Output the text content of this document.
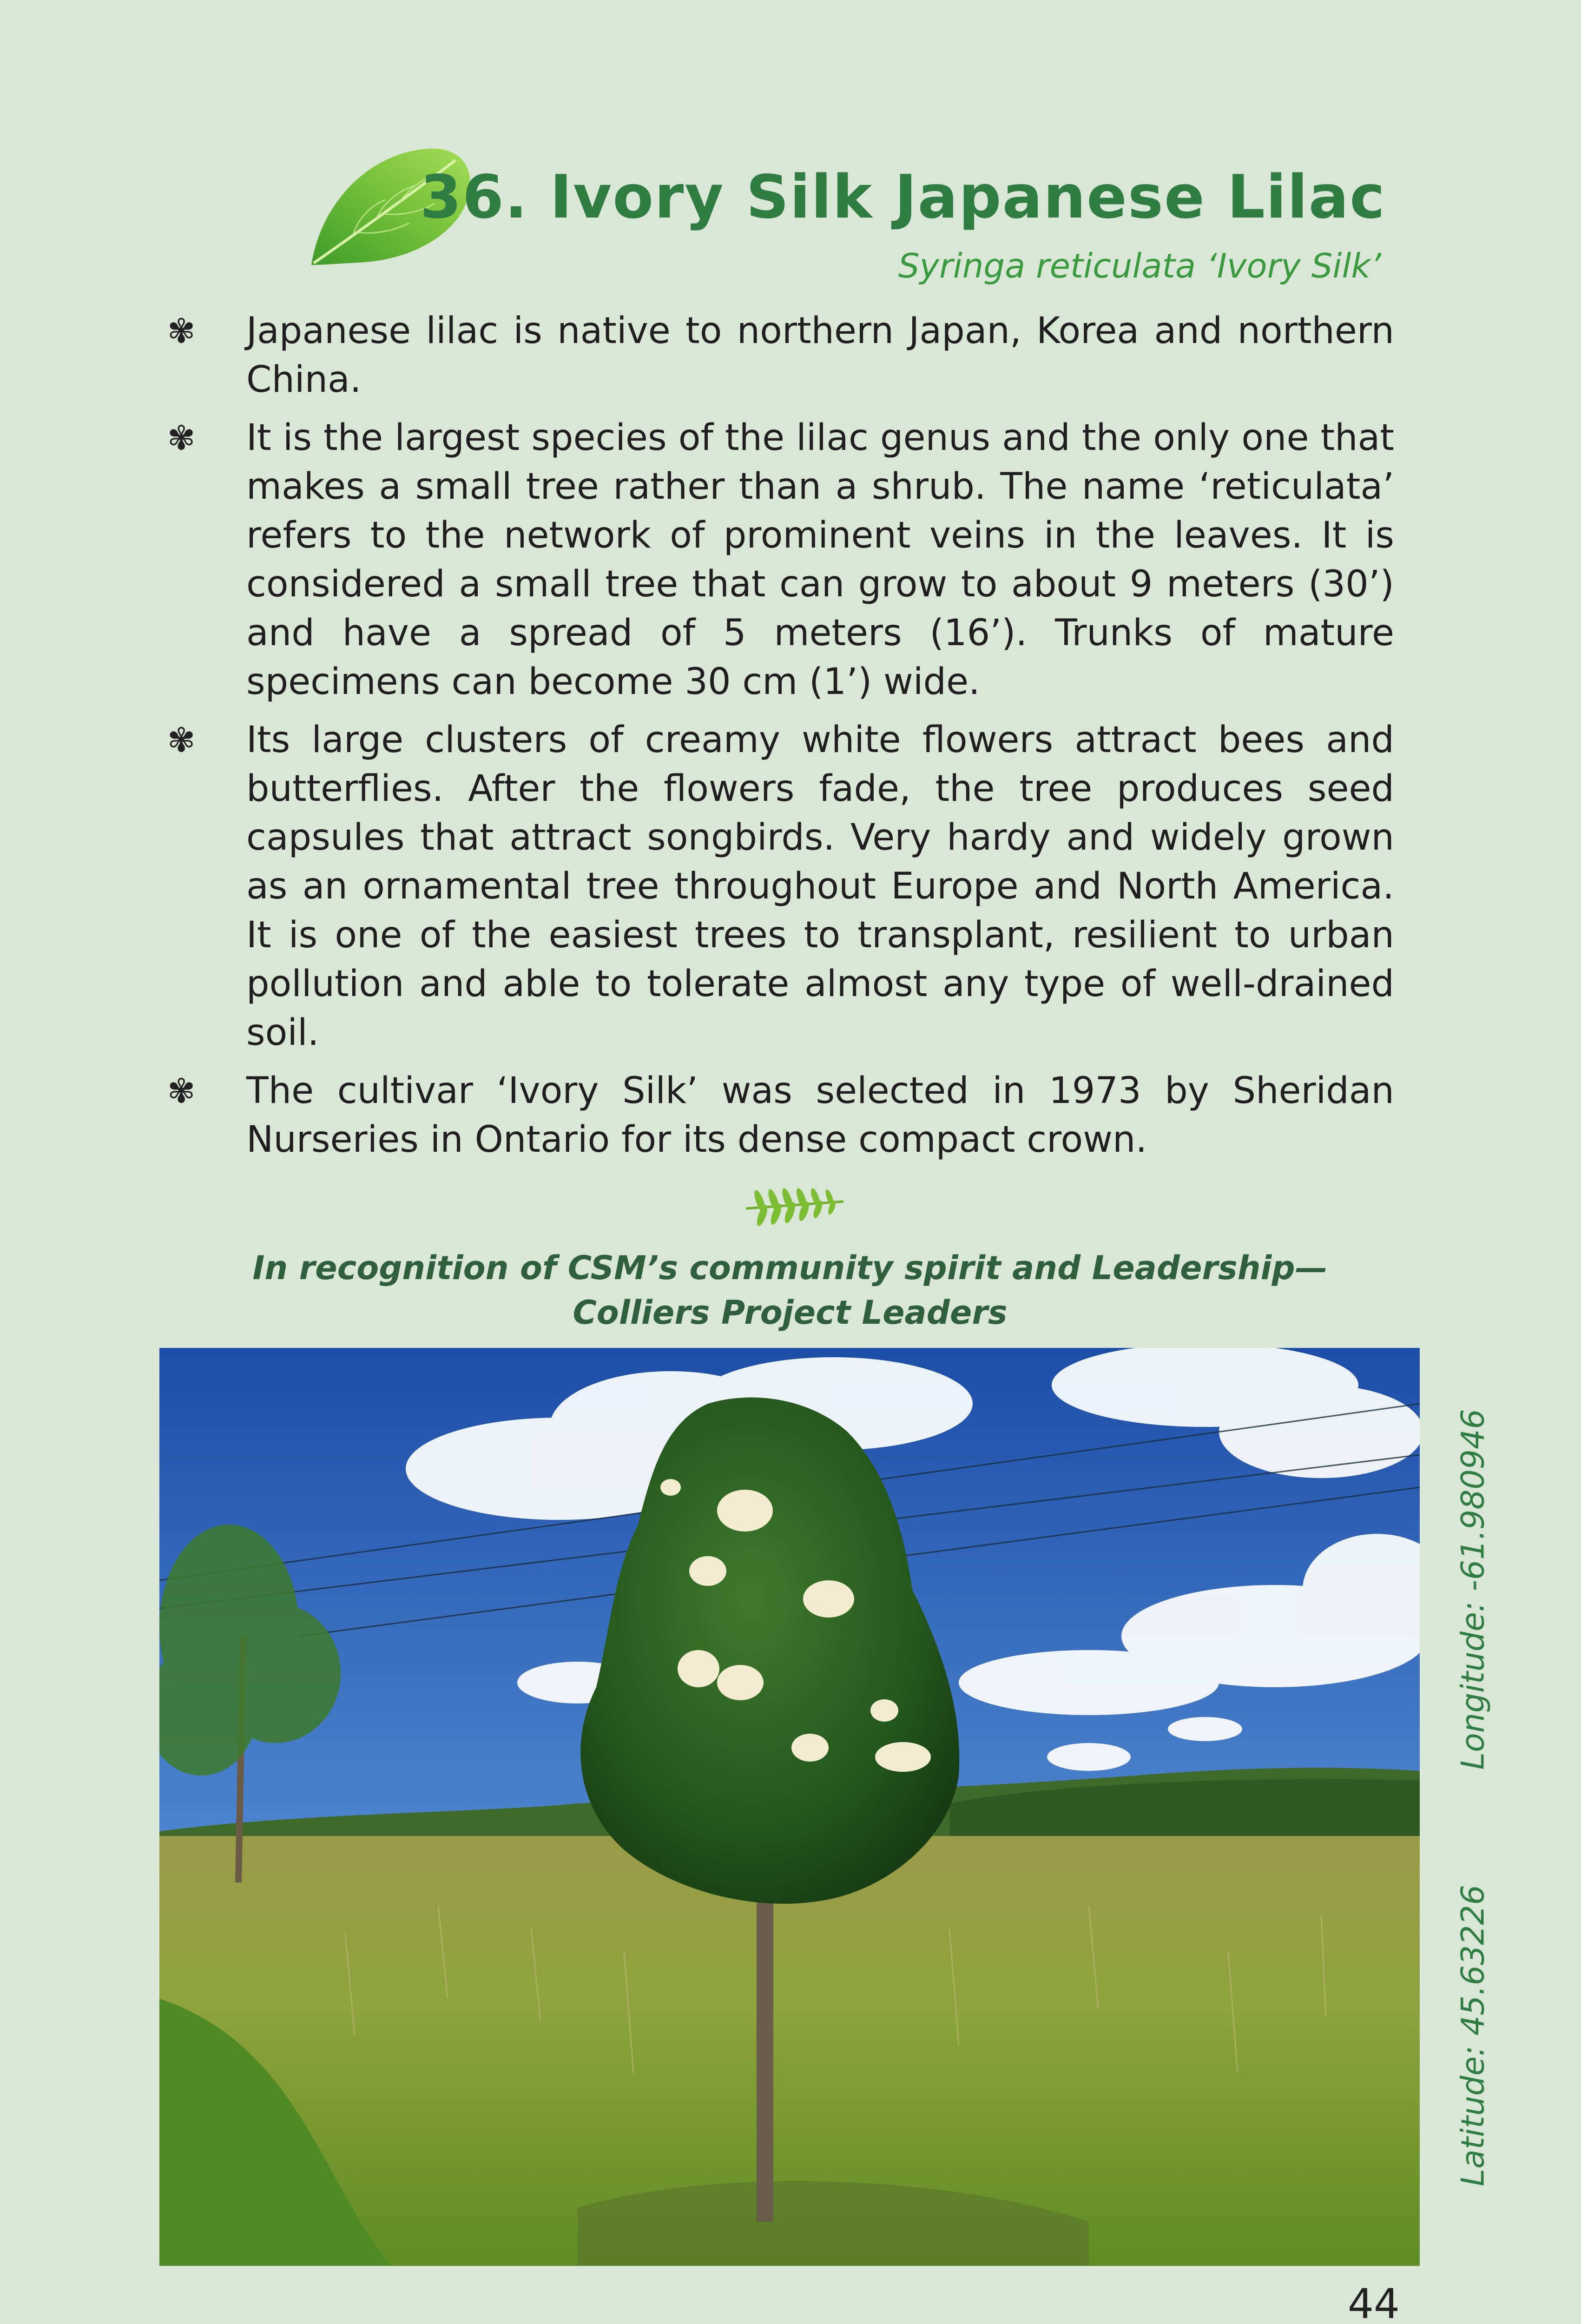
36. Ivory Silk Japanese Lilac
Syringa reticulata ‘Ivory Silk’
✾ Japanese lilac is native to northern Japan, Korea and northern China.
✾ It is the largest species of the lilac genus and the only one that makes a small tree rather than a shrub. The name ‘reticulata’ refers to the network of prominent veins in the leaves. It is considered a small tree that can grow to about 9 meters (30’) and have a spread of 5 meters (16’). Trunks of mature specimens can become 30 cm (1’) wide.
✾ Its large clusters of creamy white flowers attract bees and butterflies. After the flowers fade, the tree produces seed capsules that attract songbirds. Very hardy and widely grown as an ornamental tree throughout Europe and North America. It is one of the easiest trees to transplant, resilient to urban pollution and able to tolerate almost any type of well-drained soil.
✾ The cultivar ‘Ivory Silk’ was selected in 1973 by Sheridan Nurseries in Ontario for its dense compact crown.
In recognition of CSM’s community spirit and Leadership—
Colliers Project Leaders
Longitude: -61.980946
Latitude: 45.63226
44
